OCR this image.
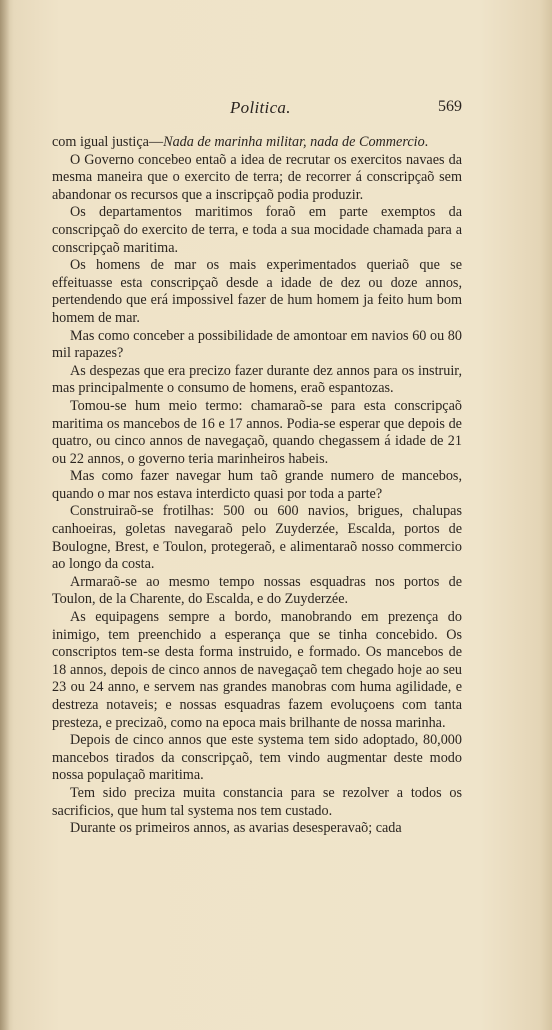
Politica.	569

com igual justiça—Nada de marinha militar, nada de Commercio.

O Governo concebeo entaõ a idea de recrutar os exercitos navaes da mesma maneira que o exercito de terra; de recorrer á conscripçaõ sem abandonar os recursos que a inscripçaõ podia produzir.

Os departamentos maritimos foraõ em parte exemptos da conscripçaõ do exercito de terra, e toda a sua mocidade chamada para a conscripçaõ maritima.

Os homens de mar os mais experimentados queriaõ que se effeituasse esta conscripçaõ desde a idade de dez ou doze annos, pertendendo que erá impossivel fazer de hum homem ja feito hum bom homem de mar.

Mas como conceber a possibilidade de amontoar em navios 60 ou 80 mil rapazes?

As despezas que era precizo fazer durante dez annos para os instruir, mas principalmente o consumo de homens, eraõ espantozas.

Tomou-se hum meio termo: chamaraõ-se para esta conscripçaõ maritima os mancebos de 16 e 17 annos. Podia-se esperar que depois de quatro, ou cinco annos de navegaçaõ, quando chegassem á idade de 21 ou 22 annos, o governo teria marinheiros habeis.

Mas como fazer navegar hum taõ grande numero de mancebos, quando o mar nos estava interdicto quasi por toda a parte?

Construiraõ-se frotilhas: 500 ou 600 navios, brigues, chalupas canhoeiras, goletas navegaraõ pelo Zuyderzée, Escalda, portos de Boulogne, Brest, e Toulon, protegeraõ, e alimentaraõ nosso commercio ao longo da costa.

Armaraõ-se ao mesmo tempo nossas esquadras nos portos de Toulon, de la Charente, do Escalda, e do Zuyderzée.

As equipagens sempre a bordo, manobrando em prezença do inimigo, tem preenchido a esperança que se tinha concebido. Os conscriptos tem-se desta forma instruido, e formado. Os mancebos de 18 annos, depois de cinco annos de navegaçaõ tem chegado hoje ao seu 23 ou 24 anno, e servem nas grandes manobras com huma agilidade, e destreza notaveis; e nossas esquadras fazem evoluçoens com tanta presteza, e precizaõ, como na epoca mais brilhante de nossa marinha.

Depois de cinco annos que este systema tem sido adoptado, 80,000 mancebos tirados da conscripçaõ, tem vindo augmentar deste modo nossa populaçaõ maritima.

Tem sido preciza muita constancia para se rezolver a todos os sacrificios, que hum tal systema nos tem custado.

Durante os primeiros annos, as avarias desesperavaõ; cada
